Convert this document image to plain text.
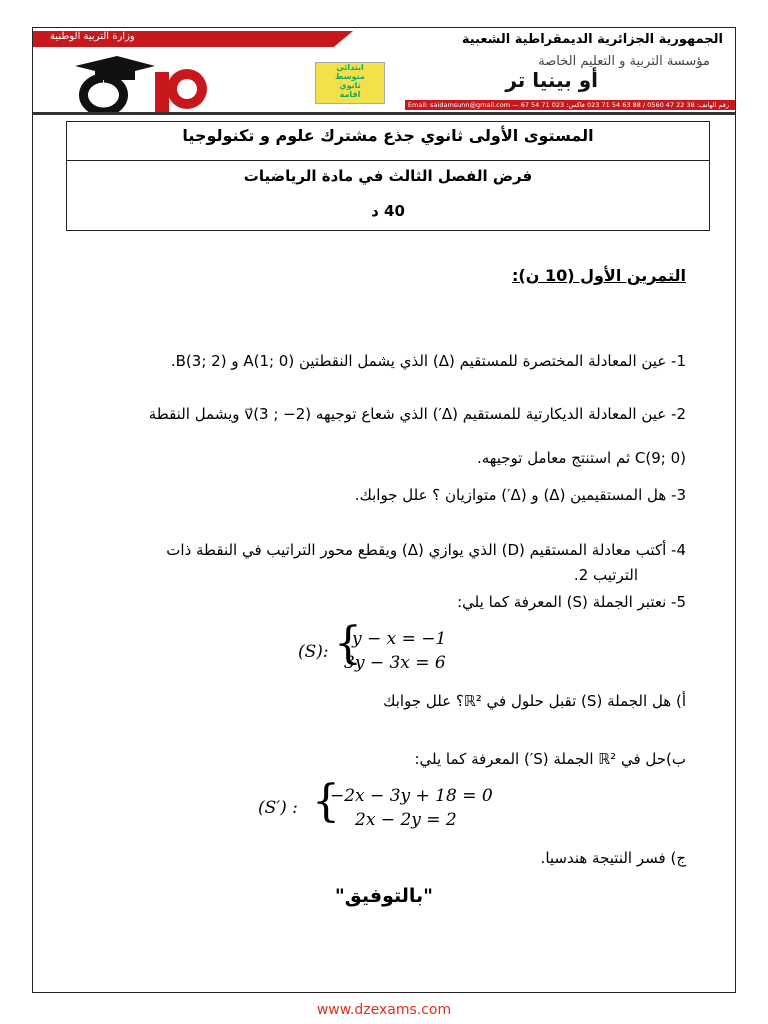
وزارة التربية الوطنية	الجمهورية الجزائرية الديمقراطية الشعبية
مؤسسة التربية و التعليم الخاصة
أو بينيا تر
ابتدائي
متوسط
ثانوي
اقامة
رقم الهاتف: 38 22 47 0560 / 88 63 54 71 023 فاكس: 023 71 54 67 — Email: saidamsunn@gmail.com
المستوى الأولى ثانوي جذع مشترك علوم و تكنولوجيا
فرض الفصل الثالث في مادة الرياضيات
40 د
التمرين الأول (10 ن):
1- عين المعادلة المختصرة للمستقيم (Δ) الذي يشمل النقطتين A(1; 0) و B(3; 2).
2- عين المعادلة الديكارتية للمستقيم (Δ′) الذي شعاع توجيهه v⃗(3 ; −2) ويشمل النقطة
C(9; 0) ثم استنتج معامل توجيهه.
3- هل المستقيمين (Δ) و (Δ′) متوازيان ؟ علل جوابك.
4- أكتب معادلة المستقيم (D) الذي يوازي (Δ) ويقطع محور التراتيب في النقطة ذات
الترتيب 2.
5- نعتبر الجملة (S) المعرفة كما يلي:
(S): {
y − x = −1
3y − 3x = 6
أ) هل الجملة (S) تقبل حلول في ℝ²؟ علل جوابك
ب)حل في ℝ² الجملة (S′) المعرفة كما يلي:
(S′) : {
−2x − 3y + 18 = 0
2x − 2y = 2
ج) فسر النتيجة هندسيا.
"بالتوفيق"
www.dzexams.com
